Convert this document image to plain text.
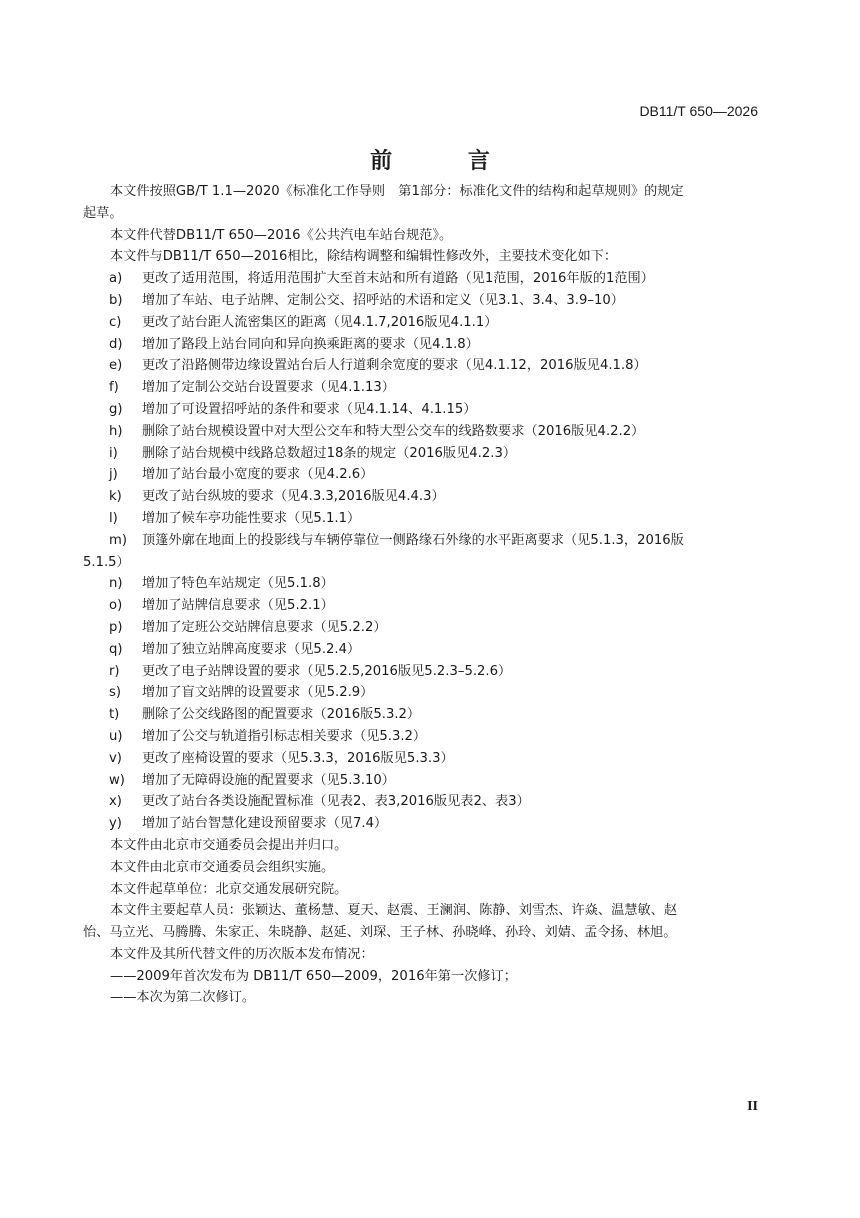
DB11/T 650—2026
前 言
本文件按照GB/T 1.1—2020《标准化工作导则　第1部分：标准化文件的结构和起草规则》的规定
起草。
本文件代替DB11/T 650—2016《公共汽电车站台规范》。
本文件与DB11/T 650—2016相比，除结构调整和编辑性修改外，主要技术变化如下：
a) 更改了适用范围，将适用范围扩大至首末站和所有道路（见1范围，2016年版的1范围）
b) 增加了车站、电子站牌、定制公交、招呼站的术语和定义（见3.1、3.4、3.9–10）
c) 更改了站台距人流密集区的距离（见4.1.7,2016版见4.1.1）
d) 增加了路段上站台同向和异向换乘距离的要求（见4.1.8）
e) 更改了沿路侧带边缘设置站台后人行道剩余宽度的要求（见4.1.12，2016版见4.1.8）
f) 增加了定制公交站台设置要求（见4.1.13）
g) 增加了可设置招呼站的条件和要求（见4.1.14、4.1.15）
h) 删除了站台规模设置中对大型公交车和特大型公交车的线路数要求（2016版见4.2.2）
i) 删除了站台规模中线路总数超过18条的规定（2016版见4.2.3）
j) 增加了站台最小宽度的要求（见4.2.6）
k) 更改了站台纵坡的要求（见4.3.3,2016版见4.4.3）
l) 增加了候车亭功能性要求（见5.1.1）
m) 顶篷外廓在地面上的投影线与车辆停靠位一侧路缘石外缘的水平距离要求（见5.1.3，2016版
5.1.5）
n) 增加了特色车站规定（见5.1.8）
o) 增加了站牌信息要求（见5.2.1）
p) 增加了定班公交站牌信息要求（见5.2.2）
q) 增加了独立站牌高度要求（见5.2.4）
r) 更改了电子站牌设置的要求（见5.2.5,2016版见5.2.3–5.2.6）
s) 增加了盲文站牌的设置要求（见5.2.9）
t) 删除了公交线路图的配置要求（2016版5.3.2）
u) 增加了公交与轨道指引标志相关要求（见5.3.2）
v) 更改了座椅设置的要求（见5.3.3，2016版见5.3.3）
w) 增加了无障碍设施的配置要求（见5.3.10）
x) 更改了站台各类设施配置标准（见表2、表3,2016版见表2、表3）
y) 增加了站台智慧化建设预留要求（见7.4）
本文件由北京市交通委员会提出并归口。
本文件由北京市交通委员会组织实施。
本文件起草单位：北京交通发展研究院。
本文件主要起草人员：张颖达、董杨慧、夏天、赵震、王澜润、陈静、刘雪杰、许焱、温慧敏、赵
怡、马立光、马腾腾、朱家正、朱晓静、赵延、刘琛、王子林、孙晓峰、孙玲、刘婧、孟令扬、林旭。
本文件及其所代替文件的历次版本发布情况：
——2009年首次发布为 DB11/T 650—2009，2016年第一次修订；
——本次为第二次修订。
II
